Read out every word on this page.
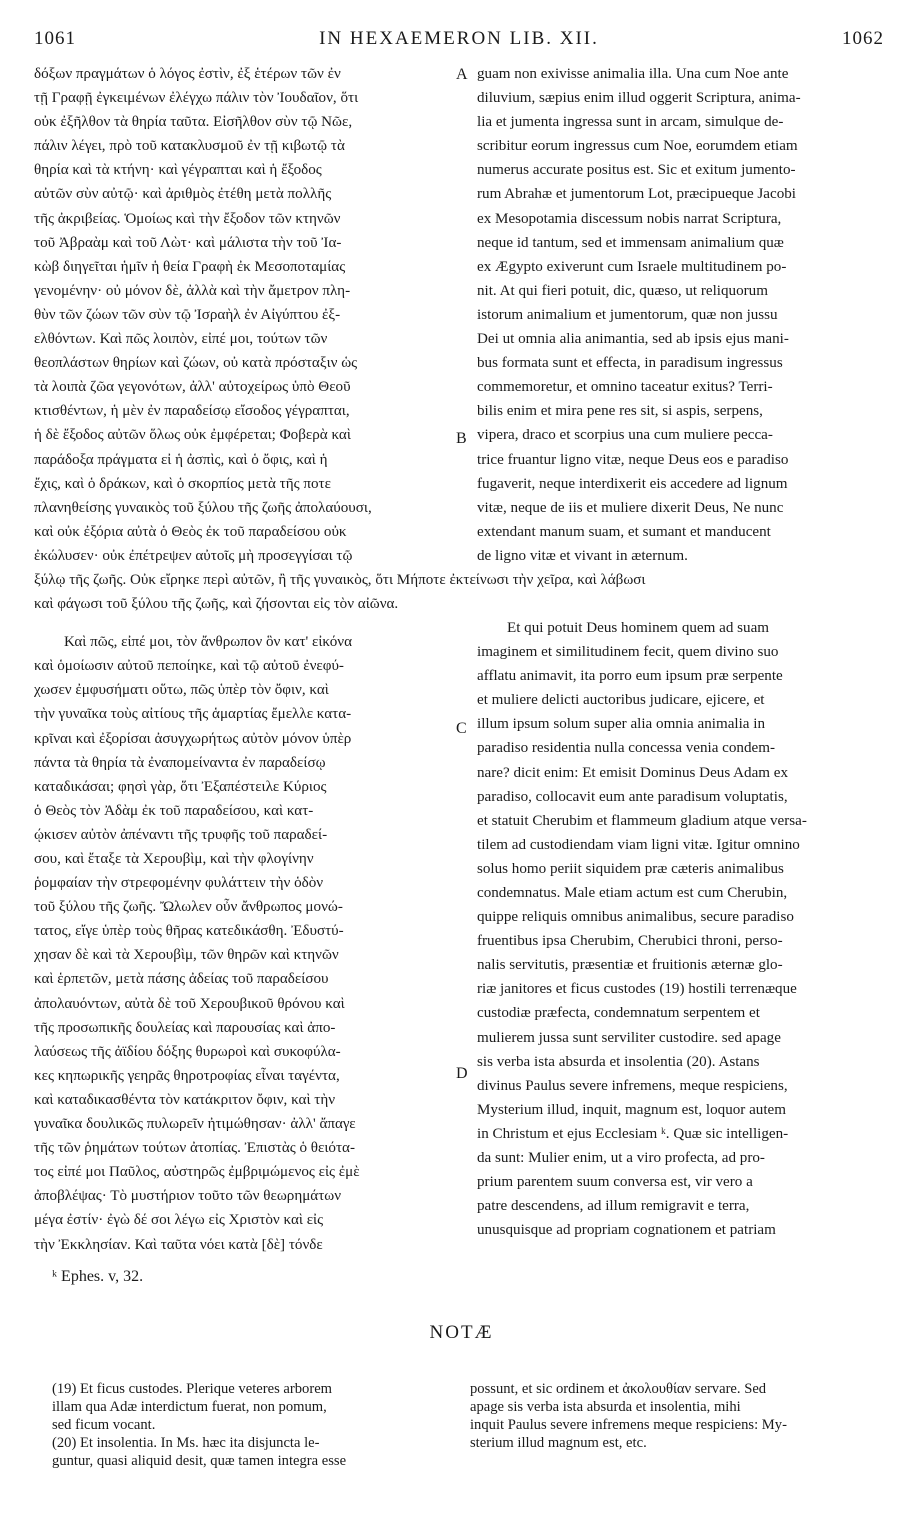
1061	IN HEXAEMERON LIB. XII.	1062

δόξων πραγμάτων ὁ λόγος ἐστὶν, ἐξ ἑτέρων τῶν ἐν

τῇ Γραφῇ ἐγκειμένων ἐλέγχω πάλιν τὸν Ἰουδαῖον, ὅτι

οὐκ ἐξῆλθον τὰ θηρία ταῦτα. Εἰσῆλθον σὺν τῷ Νῶε,

πάλιν λέγει, πρὸ τοῦ κατακλυσμοῦ ἐν τῇ κιβωτῷ τὰ

θηρία καὶ τὰ κτήνη· καὶ γέγραπται καὶ ἡ ἔξοδος

αὐτῶν σὺν αὐτῷ· καὶ ἀριθμὸς ἐτέθη μετὰ πολλῆς

τῆς ἀκριβείας. Ὁμοίως καὶ τὴν ἔξοδον τῶν κτηνῶν

τοῦ Ἀβραὰμ καὶ τοῦ Λὼτ· καὶ μάλιστα τὴν τοῦ Ἰα-

κὼβ διηγεῖται ἡμῖν ἡ θεία Γραφὴ ἐκ Μεσοποταμίας

γενομένην· οὐ μόνον δὲ, ἀλλὰ καὶ τὴν ἄμετρον πλη-

θὺν τῶν ζώων τῶν σὺν τῷ Ἰσραὴλ ἐν Αἰγύπτου ἐξ-

ελθόντων. Καὶ πῶς λοιπὸν, εἰπέ μοι, τούτων τῶν

θεοπλάστων θηρίων καὶ ζώων, οὐ κατὰ πρόσταξιν ὡς

τὰ λοιπὰ ζῶα γεγονότων, ἀλλ' αὐτοχείρως ὑπὸ Θεοῦ

κτισθέντων, ἡ μὲν ἐν παραδείσῳ εἴσοδος γέγραπται,

ἡ δὲ ἔξοδος αὐτῶν ὅλως οὐκ ἐμφέρεται; Φοβερὰ καὶ

παράδοξα πράγματα εἰ ἡ ἀσπὶς, καὶ ὁ ὄφις, καὶ ἡ

ἔχις, καὶ ὁ δράκων, καὶ ὁ σκορπίος μετὰ τῆς ποτε

πλανηθείσης γυναικὸς τοῦ ξύλου τῆς ζωῆς ἀπολαύουσι,

καὶ οὐκ ἐξόρια αὐτὰ ὁ Θεὸς ἐκ τοῦ παραδείσου οὐκ

ἐκώλυσεν· οὐκ ἐπέτρεψεν αὐτοῖς μὴ προσεγγίσαι τῷ

ξύλῳ τῆς ζωῆς. Οὐκ εἴρηκε περὶ αὐτῶν, ἢ τῆς γυναικὸς, ὅτι Μήποτε ἐκτείνωσι τὴν χεῖρα, καὶ λάβωσι

καὶ φάγωσι τοῦ ξύλου τῆς ζωῆς, καὶ ζήσονται εἰς τὸν αἰῶνα.

Καὶ πῶς, εἰπέ μοι, τὸν ἄνθρωπον ὃν κατ' εἰκόνα

καὶ ὁμοίωσιν αὐτοῦ πεποίηκε, καὶ τῷ αὐτοῦ ἐνεφύ-

χωσεν ἐμφυσήματι οὕτω, πῶς ὑπὲρ τὸν ὄφιν, καὶ

τὴν γυναῖκα τοὺς αἰτίους τῆς ἁμαρτίας ἔμελλε κατα-

κρῖναι καὶ ἐξορίσαι ἀσυγχωρήτως αὐτὸν μόνον ὑπὲρ

πάντα τὰ θηρία τὰ ἐναπομείναντα ἐν παραδείσῳ

καταδικάσαι; φησὶ γὰρ, ὅτι Ἐξαπέστειλε Κύριος

ὁ Θεὸς τὸν Ἀδὰμ ἐκ τοῦ παραδείσου, καὶ κατ-

ῴκισεν αὐτὸν ἀπέναντι τῆς τρυφῆς τοῦ παραδεί-

σου, καὶ ἔταξε τὰ Χερουβὶμ, καὶ τὴν φλογίνην

ῥομφαίαν τὴν στρεφομένην φυλάττειν τὴν ὁδὸν

τοῦ ξύλου τῆς ζωῆς. Ὤλωλεν οὖν ἄνθρωπος μονώ-

τατος, εἴγε ὑπὲρ τοὺς θῆρας κατεδικάσθη. Ἐδυστύ-

χησαν δὲ καὶ τὰ Χερουβὶμ, τῶν θηρῶν καὶ κτηνῶν

καὶ ἑρπετῶν, μετὰ πάσης ἀδείας τοῦ παραδείσου

ἀπολαυόντων, αὐτὰ δὲ τοῦ Χερουβικοῦ θρόνου καὶ

τῆς προσωπικῆς δουλείας καὶ παρουσίας καὶ ἀπο-

λαύσεως τῆς ἀϊδίου δόξης θυρωροὶ καὶ συκοφύλα-

κες κηπωρικῆς γεηρᾶς θηροτροφίας εἶναι ταγέντα,

καὶ καταδικασθέντα τὸν κατάκριτον ὄφιν, καὶ τὴν

γυναῖκα δουλικῶς πυλωρεῖν ἠτιμώθησαν· ἀλλ' ἄπαγε

τῆς τῶν ῥημάτων τούτων ἀτοπίας. Ἐπιστὰς ὁ θειότα-

τος εἰπέ μοι Παῦλος, αὐστηρῶς ἐμβριμώμενος εἰς ἐμὲ

ἀποβλέψας· Τὸ μυστήριον τοῦτο τῶν θεωρημάτων

μέγα ἐστίν· ἐγὼ δέ σοι λέγω εἰς Χριστὸν καὶ εἰς

τὴν Ἐκκλησίαν. Καὶ ταῦτα νόει κατὰ [δὲ] τόνδε

guam non exivisse animalia illa. Una cum Noe ante

diluvium, sæpius enim illud oggerit Scriptura, anima-

lia et jumenta ingressa sunt in arcam, simulque de-

scribitur eorum ingressus cum Noe, eorumdem etiam

numerus accurate positus est. Sic et exitum jumento-

rum Abrahæ et jumentorum Lot, præcipueque Jacobi

ex Mesopotamia discessum nobis narrat Scriptura,

neque id tantum, sed et immensam animalium quæ

ex Ægypto exiverunt cum Israele multitudinem po-

nit. At qui fieri potuit, dic, quæso, ut reliquorum

istorum animalium et jumentorum, quæ non jussu

Dei ut omnia alia animantia, sed ab ipsis ejus mani-

bus formata sunt et effecta, in paradisum ingressus

commemoretur, et omnino taceatur exitus? Terri-

bilis enim et mira pene res sit, si aspis, serpens,

vipera, draco et scorpius una cum muliere pecca-

trice fruantur ligno vitæ, neque Deus eos e paradiso

fugaverit, neque interdixerit eis accedere ad lignum

vitæ, neque de iis et muliere dixerit Deus, Ne nunc

extendant manum suam, et sumant et manducent

de ligno vitæ et vivant in æternum.

Et qui potuit Deus hominem quem ad suam

imaginem et similitudinem fecit, quem divino suo

afflatu animavit, ita porro eum ipsum præ serpente

et muliere delicti auctoribus judicare, ejicere, et

illum ipsum solum super alia omnia animalia in

paradiso residentia nulla concessa venia condem-

nare? dicit enim: Et emisit Dominus Deus Adam ex

paradiso, collocavit eum ante paradisum voluptatis,

et statuit Cherubim et flammeum gladium atque versa-

tilem ad custodiendam viam ligni vitæ. Igitur omnino

solus homo periit siquidem præ cæteris animalibus

condemnatus. Male etiam actum est cum Cherubin,

quippe reliquis omnibus animalibus, secure paradiso

fruentibus ipsa Cherubim, Cherubici throni, perso-

nalis servitutis, præsentiæ et fruitionis æternæ glo-

riæ janitores et ficus custodes (19) hostili terrenæque

custodiæ præfecta, condemnatum serpentem et

mulierem jussa sunt serviliter custodire. sed apage

sis verba ista absurda et insolentia (20). Astans

divinus Paulus severe infremens, meque respiciens,

Mysterium illud, inquit, magnum est, loquor autem

in Christum et ejus Ecclesiam ᵏ. Quæ sic intelligen-

da sunt: Mulier enim, ut a viro profecta, ad pro-

prium parentem suum conversa est, vir vero a

patre descendens, ad illum remigravit e terra,

unusquisque ad propriam cognationem et patriam

A
B
C
D
ᵏ Ephes. v, 32.
NOTÆ

(19) Et ficus custodes. Plerique veteres arborem

illam qua Adæ interdictum fuerat, non pomum,

sed ficum vocant.

(20) Et insolentia. In Ms. hæc ita disjuncta le-

guntur, quasi aliquid desit, quæ tamen integra esse

possunt, et sic ordinem et ἀκολουθίαν servare. Sed

apage sis verba ista absurda et insolentia, mihi

inquit Paulus severe infremens meque respiciens: My-

sterium illud magnum est, etc.
